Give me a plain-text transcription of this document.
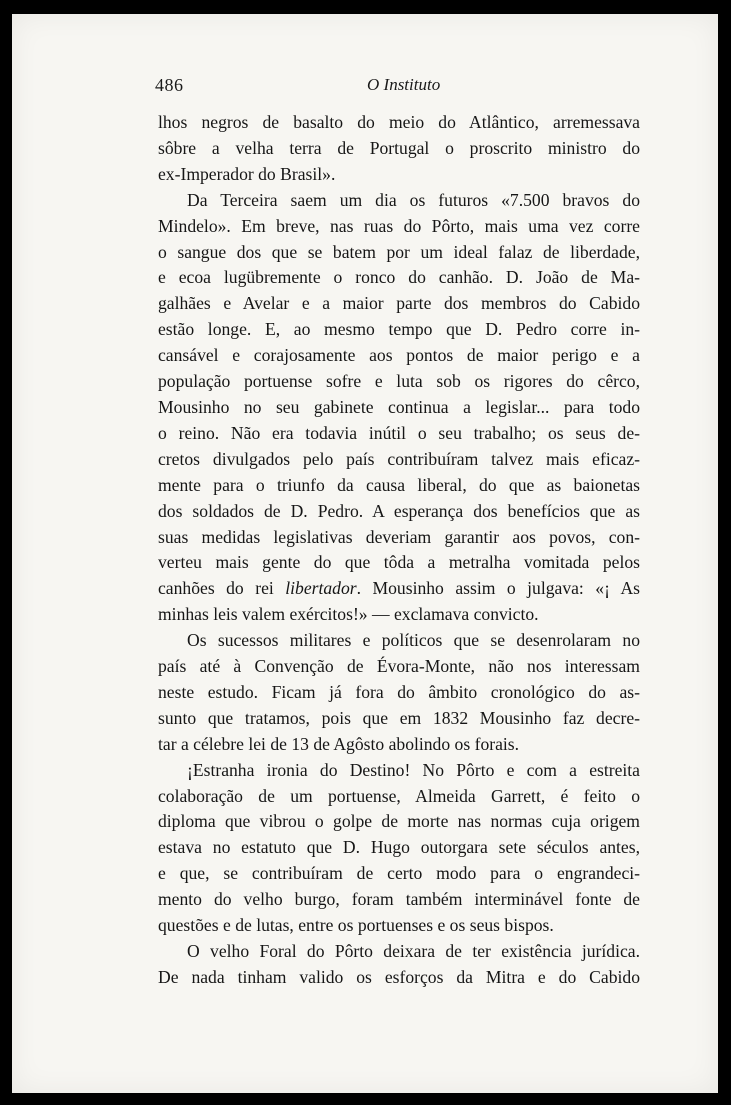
486	O Instituto
lhos negros de basalto do meio do Atlântico, arremessava
sôbre a velha terra de Portugal o proscrito ministro do
ex-Imperador do Brasil».
Da Terceira saem um dia os futuros «7.500 bravos do
Mindelo». Em breve, nas ruas do Pôrto, mais uma vez corre
o sangue dos que se batem por um ideal falaz de liberdade,
e ecoa lugübremente o ronco do canhão. D. João de Ma-
galhães e Avelar e a maior parte dos membros do Cabido
estão longe. E, ao mesmo tempo que D. Pedro corre in-
cansável e corajosamente aos pontos de maior perigo e a
população portuense sofre e luta sob os rigores do cêrco,
Mousinho no seu gabinete continua a legislar... para todo
o reino. Não era todavia inútil o seu trabalho; os seus de-
cretos divulgados pelo país contribuíram talvez mais eficaz-
mente para o triunfo da causa liberal, do que as baionetas
dos soldados de D. Pedro. A esperança dos benefícios que as
suas medidas legislativas deveriam garantir aos povos, con-
verteu mais gente do que tôda a metralha vomitada pelos
canhões do rei libertador. Mousinho assim o julgava: «¡ As
minhas leis valem exércitos!» — exclamava convicto.
Os sucessos militares e políticos que se desenrolaram no
país até à Convenção de Évora-Monte, não nos interessam
neste estudo. Ficam já fora do âmbito cronológico do as-
sunto que tratamos, pois que em 1832 Mousinho faz decre-
tar a célebre lei de 13 de Agôsto abolindo os forais.
¡Estranha ironia do Destino! No Pôrto e com a estreita
colaboração de um portuense, Almeida Garrett, é feito o
diploma que vibrou o golpe de morte nas normas cuja origem
estava no estatuto que D. Hugo outorgara sete séculos antes,
e que, se contribuíram de certo modo para o engrandeci-
mento do velho burgo, foram também interminável fonte de
questões e de lutas, entre os portuenses e os seus bispos.
O velho Foral do Pôrto deixara de ter existência jurídica.
De nada tinham valido os esforços da Mitra e do Cabido
